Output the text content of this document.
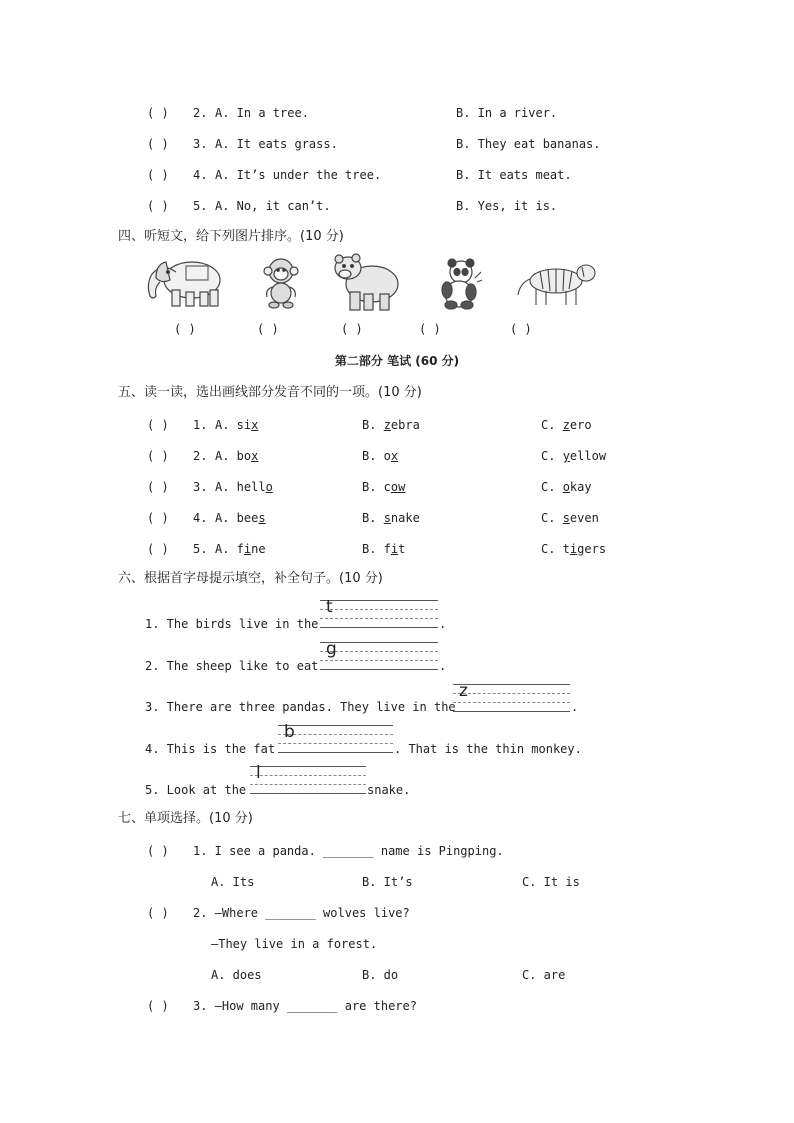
( ) 2. A. In a tree.	B. In a river.
( ) 3. A. It eats grass.	B. They eat bananas.
( ) 4. A. It’s under the tree.	B. It eats meat.
( ) 5. A. No, it can’t.	B. Yes, it is.
四、听短文，给下列图片排序。(10 分)
( )	( )	( )	( )	( )
第二部分 笔试 (60 分)
五、读一读，选出画线部分发音不同的一项。(10 分)
( ) 1. A. six	B. zebra	C. zero
( ) 2. A. box	B. ox	C. yellow
( ) 3. A. hello	B. cow	C. okay
( ) 4. A. bees	B. snake	C. seven
( ) 5. A. fine	B. fit	C. tigers
六、根据首字母提示填空，补全句子。(10 分)
1. The birds live in the
t
.
2. The sheep like to eat
g
.
3. There are three pandas. They live in the
z
.
4. This is the fat
b
. That is the thin monkey.
5. Look at the
l
snake.
七、单项选择。(10 分)
( ) 1. I see a panda. _______ name is Pingping.
A. Its	B. It’s	C. It is
( ) 2. —Where _______ wolves live?
—They live in a forest.
A. does	B. do	C. are
( ) 3. —How many _______ are there?
